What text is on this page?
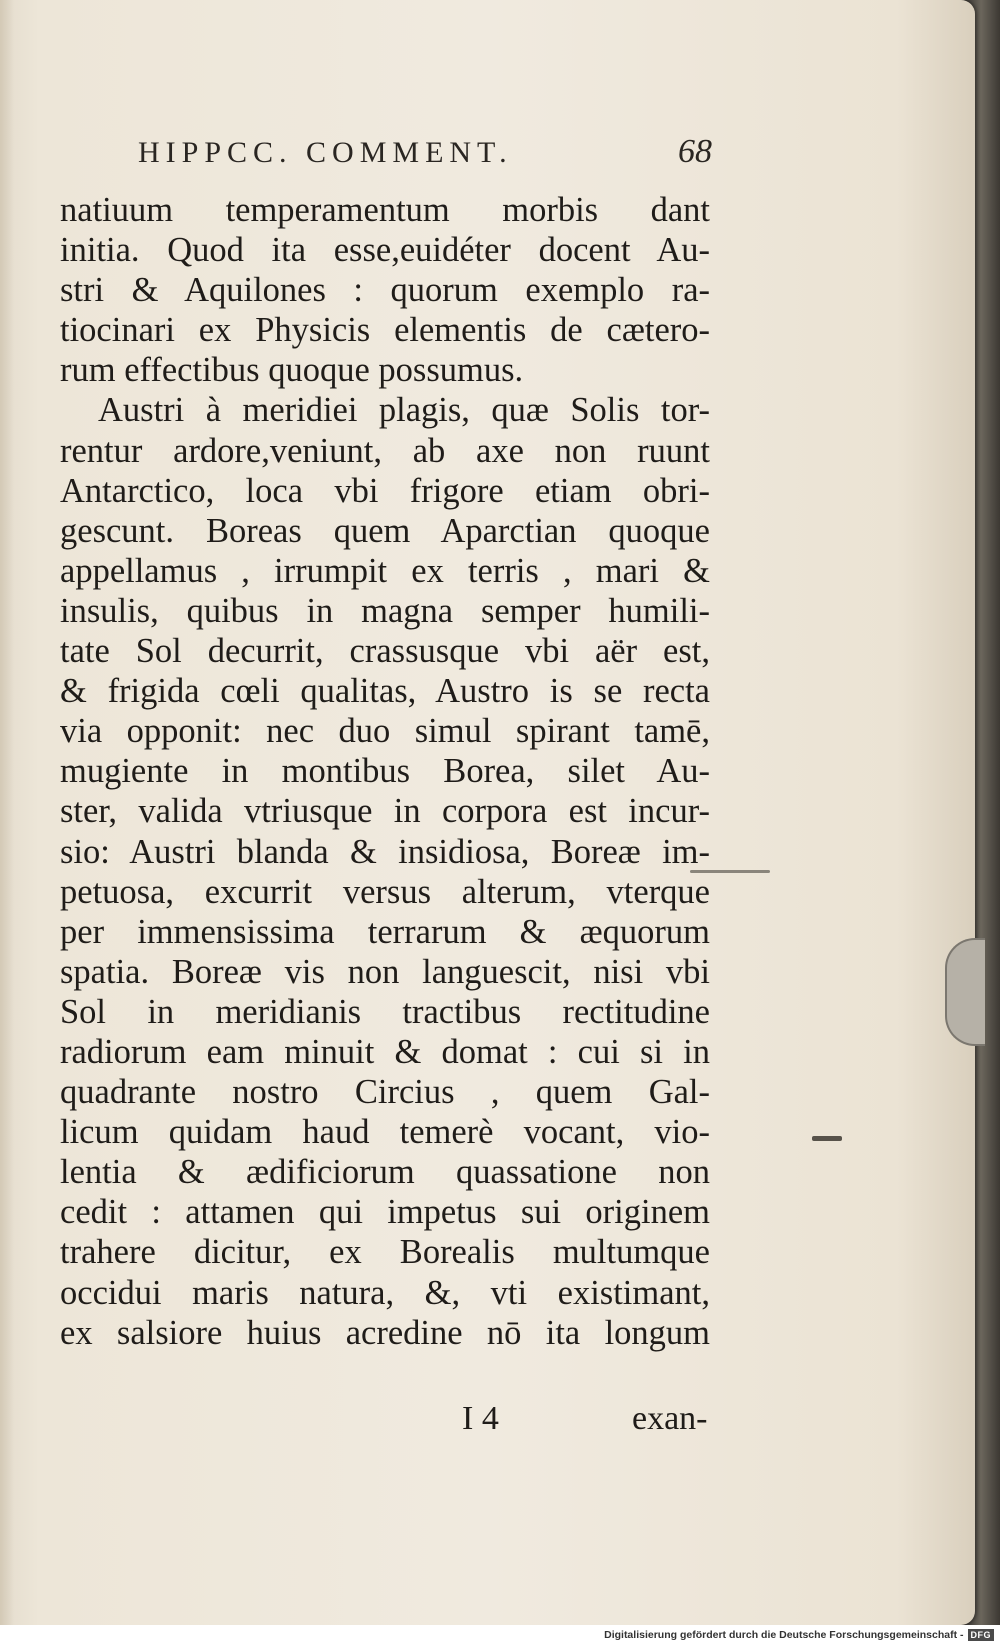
HIPPCC. COMMENT.	68
natiuum temperamentum morbis dant
initia. Quod ita esse,euidéter docent Au-
stri & Aquilones : quorum exemplo ra-
tiocinari ex Physicis elementis de cætero-
rum effectibus quoque possumus.
Austri à meridiei plagis, quæ Solis tor-
rentur ardore,veniunt, ab axe non ruunt
Antarctico, loca vbi frigore etiam obri-
gescunt. Boreas quem Aparctian quoque
appellamus , irrumpit ex terris , mari &
insulis, quibus in magna semper humili-
tate Sol decurrit, crassusque vbi aër est,
& frigida cœli qualitas, Austro is se recta
via opponit: nec duo simul spirant tamē,
mugiente in montibus Borea, silet Au-
ster, valida vtriusque in corpora est incur-
sio: Austri blanda & insidiosa, Boreæ im-
petuosa, excurrit versus alterum, vterque
per immensissima terrarum & æquorum
spatia. Boreæ vis non languescit, nisi vbi
Sol in meridianis tractibus rectitudine
radiorum eam minuit & domat : cui si in
quadrante nostro Circius , quem Gal-
licum quidam haud temerè vocant, vio-
lentia & ædificiorum quassatione non
cedit : attamen qui impetus sui originem
trahere dicitur, ex Borealis multumque
occidui maris natura, &, vti existimant,
ex salsiore huius acredine nō ita longum
I 4	exan-
Digitalisierung gefördert durch die Deutsche Forschungsgemeinschaft - DFG
